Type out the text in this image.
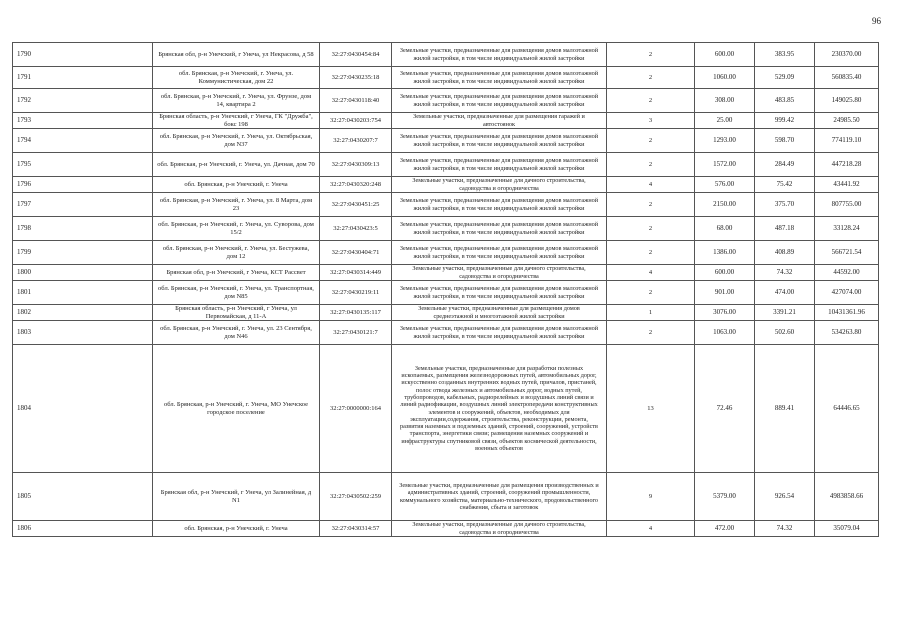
96
1790	Брянская обл, р-н Унечский, г Унеча, ул Некрасова, д 58	32:27:0430454:84	Земельные участки, предназначенные для размещения домов малоэтажной жилой застройки, в том числе индивидуальной жилой застройки	2	600.00	383.95	230370.00
1791	обл. Брянская, р-н Унечский, г. Унеча, ул. Коммунистическая, дом 22	32:27:0430235:18	Земельные участки, предназначенные для размещения домов малоэтажной жилой застройки, в том числе индивидуальной жилой застройки	2	1060.00	529.09	560835.40
1792	обл. Брянская, р-н Унечский, г. Унеча, ул. Фрунзе, дом 14, квартира 2	32:27:0430118:40	Земельные участки, предназначенные для размещения домов малоэтажной жилой застройки, в том числе индивидуальной жилой застройки	2	308.00	483.85	149025.80
1793	Брянская область, р-н Унечский, г Унеча, ГК "Дружба", бокс 198	32:27:0430203:754	Земельные участки, предназначенные для размещения гаражей и автостоянок	3	25.00	999.42	24985.50
1794	обл. Брянская, р-н Унечский, г. Унеча, ул. Октябрьская, дом N37	32:27:0430207:7	Земельные участки, предназначенные для размещения домов малоэтажной жилой застройки, в том числе индивидуальной жилой застройки	2	1293.00	598.70	774119.10
1795	обл. Брянская, р-н Унечский, г. Унеча, ул. Дачная, дом 70	32:27:0430309:13	Земельные участки, предназначенные для размещения домов малоэтажной жилой застройки, в том числе индивидуальной жилой застройки	2	1572.00	284.49	447218.28
1796	обл. Брянская, р-н Унечский, г. Унеча	32:27:0430320:248	Земельные участки, предназначенные для дачного строительства, садоводства и огородничества	4	576.00	75.42	43441.92
1797	обл. Брянская, р-н Унечский, г. Унеча, ул. 8 Марта, дом 23	32:27:0430451:25	Земельные участки, предназначенные для размещения домов малоэтажной жилой застройки, в том числе индивидуальной жилой застройки	2	2150.00	375.70	807755.00
1798	обл. Брянская, р-н Унечский, г. Унеча, ул. Суворова, дом 15/2	32:27:0430423:5	Земельные участки, предназначенные для размещения домов малоэтажной жилой застройки, в том числе индивидуальной жилой застройки	2	68.00	487.18	33128.24
1799	обл. Брянская, р-н Унечский, г. Унеча, ул. Бестужева, дом 12	32:27:0430404:71	Земельные участки, предназначенные для размещения домов малоэтажной жилой застройки, в том числе индивидуальной жилой застройки	2	1386.00	408.89	566721.54
1800	Брянская обл, р-н Унечский, г Унеча, КСТ Рассвет	32:27:0430314:449	Земельные участки, предназначенные для дачного строительства, садоводства и огородничества	4	600.00	74.32	44592.00
1801	обл. Брянская, р-н Унечский, г. Унеча, ул. Транспортная, дом N85	32:27:0430219:11	Земельные участки, предназначенные для размещения домов малоэтажной жилой застройки, в том числе индивидуальной жилой застройки	2	901.00	474.00	427074.00
1802	Брянская область, р-н Унечский, г Унеча, ул Первомайская, д 11-А	32:27:0430135:117	Земельные участки, предназначенные для размещения домов среднеэтажной и многоэтажной жилой застройки	1	3076.00	3391.21	10431361.96
1803	обл. Брянская, р-н Унечский, г. Унеча, ул. 23 Сентября, дом N46	32:27:0430121:7	Земельные участки, предназначенные для размещения домов малоэтажной жилой застройки, в том числе индивидуальной жилой застройки	2	1063.00	502.60	534263.80
1804	обл. Брянская, р-н Унечский, г. Унеча, МО Унечское городское поселение	32:27:0000000:164	Земельные участки, предназначенные для разработки полезных ископаемых, размещения железнодорожных путей, автомобильных дорог, искусственно созданных внутренних водных путей, причалов, пристаней, полос отвода железных и автомобильных дорог, водных путей, трубопроводов, кабельных, радиорелейных и воздушных линий связи и линий радиофикации, воздушных линий электропередачи конструктивных элементов и сооружений, объектов, необходимых для эксплуатации,содержания, строительства, реконструкции, ремонта, развития наземных и подземных зданий, строений, сооружений, устройств транспорта, энергетики связи; размещения наземных сооружений и инфраструктуры спутниковой связи, объектов космической деятельности, военных объектов	13	72.46	889.41	64446.65
1805	Брянская обл, р-н Унечский, г Унеча, ул Залинейная, д N1	32:27:0430502:259	Земельные участки, предназначенные для размещения производственных и административных зданий, строений, сооружений промышленности, коммунального хозяйства, материально-технического, продовольственного снабжения, сбыта и заготовок	9	5379.00	926.54	4983858.66
1806	обл. Брянская, р-н Унечский, г. Унеча	32:27:0430314:57	Земельные участки, предназначенные для дачного строительства, садоводства и огородничества	4	472.00	74.32	35079.04
